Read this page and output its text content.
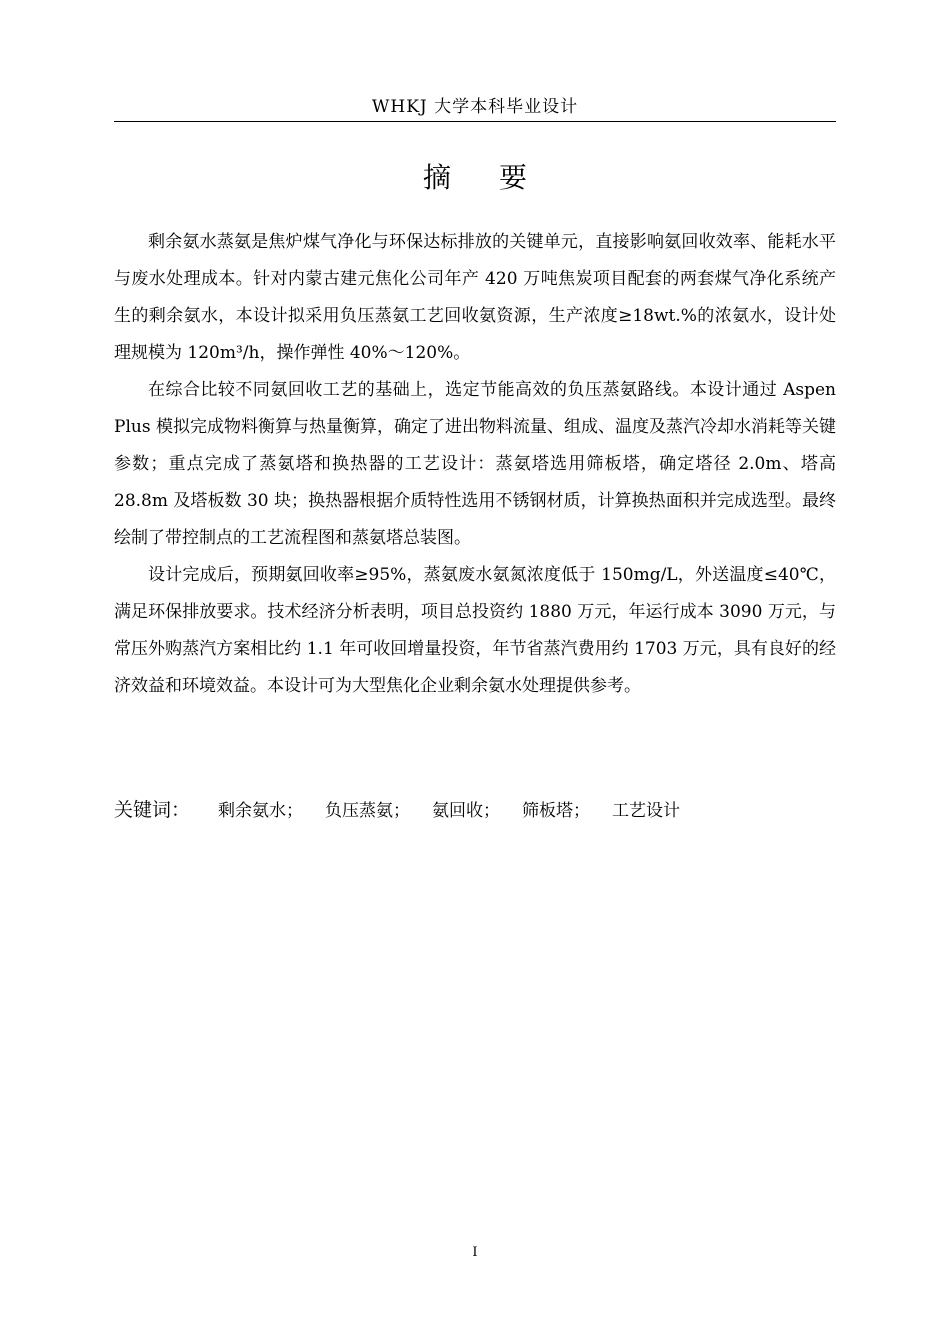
WHKJ 大学本科毕业设计
摘 要

剩余氨水蒸氨是焦炉煤气净化与环保达标排放的关键单元，直接影响氨回收效率、能耗水平与废水处理成本。针对内蒙古建元焦化公司年产 420 万吨焦炭项目配套的两套煤气净化系统产生的剩余氨水，本设计拟采用负压蒸氨工艺回收氨资源，生产浓度≥18wt.%的浓氨水，设计处理规模为 120m³/h，操作弹性 40%～120%。

在综合比较不同氨回收工艺的基础上，选定节能高效的负压蒸氨路线。本设计通过 Aspen Plus 模拟完成物料衡算与热量衡算，确定了进出物料流量、组成、温度及蒸汽冷却水消耗等关键参数；重点完成了蒸氨塔和换热器的工艺设计：蒸氨塔选用筛板塔，确定塔径 2.0m、塔高 28.8m 及塔板数 30 块；换热器根据介质特性选用不锈钢材质，计算换热面积并完成选型。最终绘制了带控制点的工艺流程图和蒸氨塔总装图。

设计完成后，预期氨回收率≥95%，蒸氨废水氨氮浓度低于 150mg/L，外送温度≤40℃，满足环保排放要求。技术经济分析表明，项目总投资约 1880 万元，年运行成本 3090 万元，与常压外购蒸汽方案相比约 1.1 年可收回增量投资，年节省蒸汽费用约 1703 万元，具有良好的经济效益和环境效益。本设计可为大型焦化企业剩余氨水处理提供参考。

关键词： 剩余氨水； 负压蒸氨； 氨回收； 筛板塔； 工艺设计
I
